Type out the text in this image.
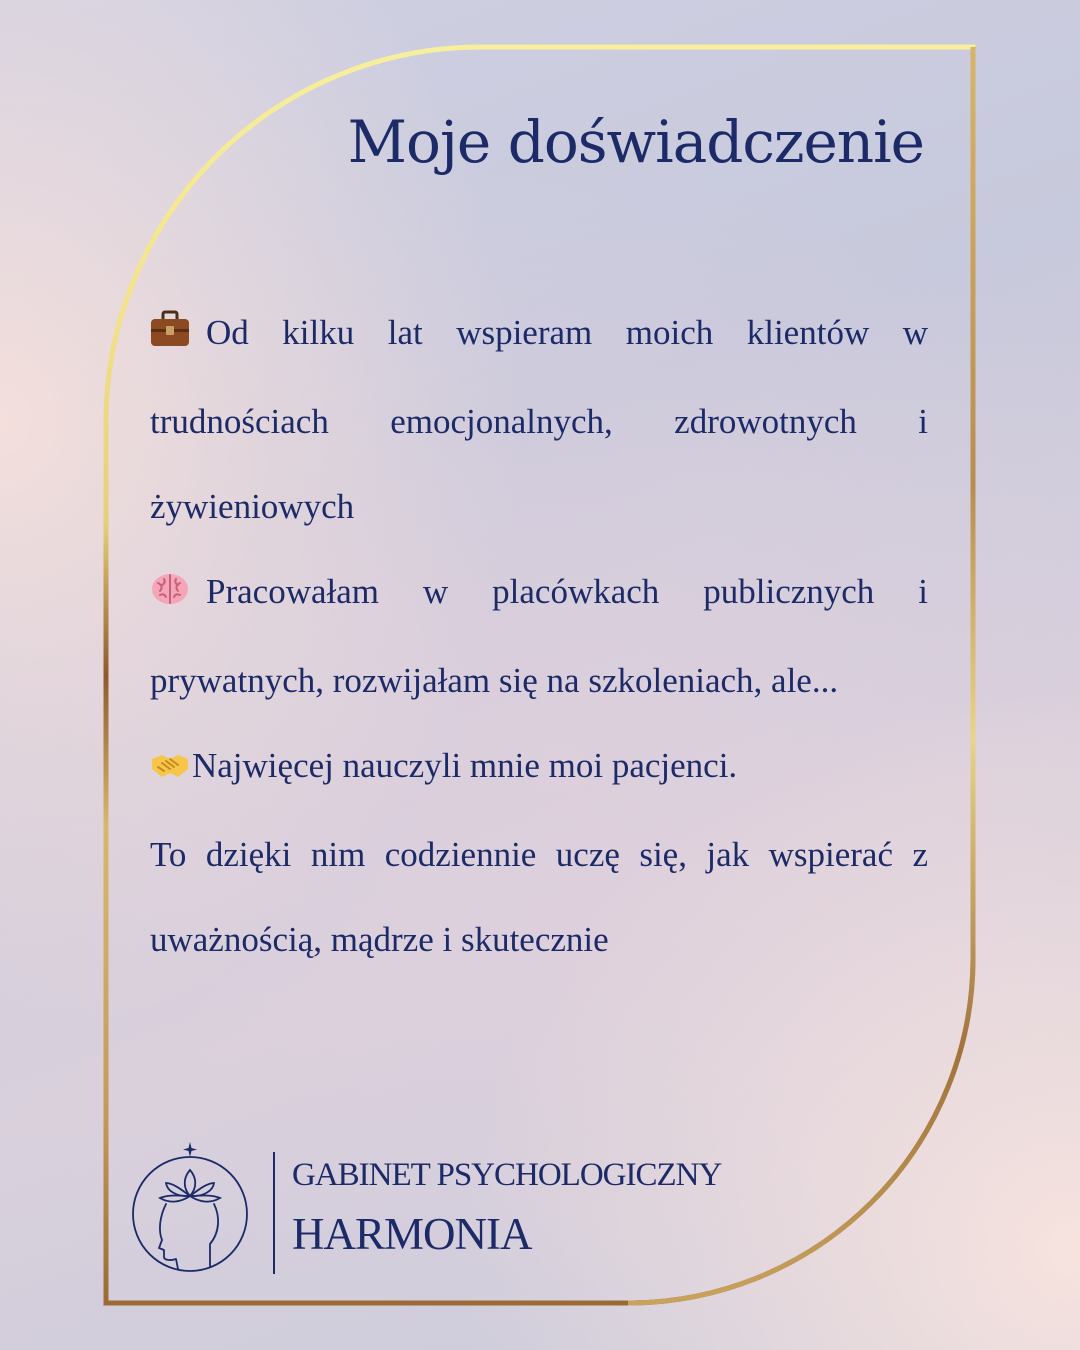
Moje doświadczenie

Od kilku lat wspieram moich klientów w trudnościach emocjonalnych, zdrowotnych i żywieniowych

Pracowałam w placówkach publicznych i prywatnych, rozwijałam się na szkoleniach, ale...

Najwięcej nauczyli mnie moi pacjenci.

To dzięki nim codziennie uczę się, jak wspierać z uważnością, mądrze i skutecznie

GABINET PSYCHOLOGICZNY

HARMONIA
